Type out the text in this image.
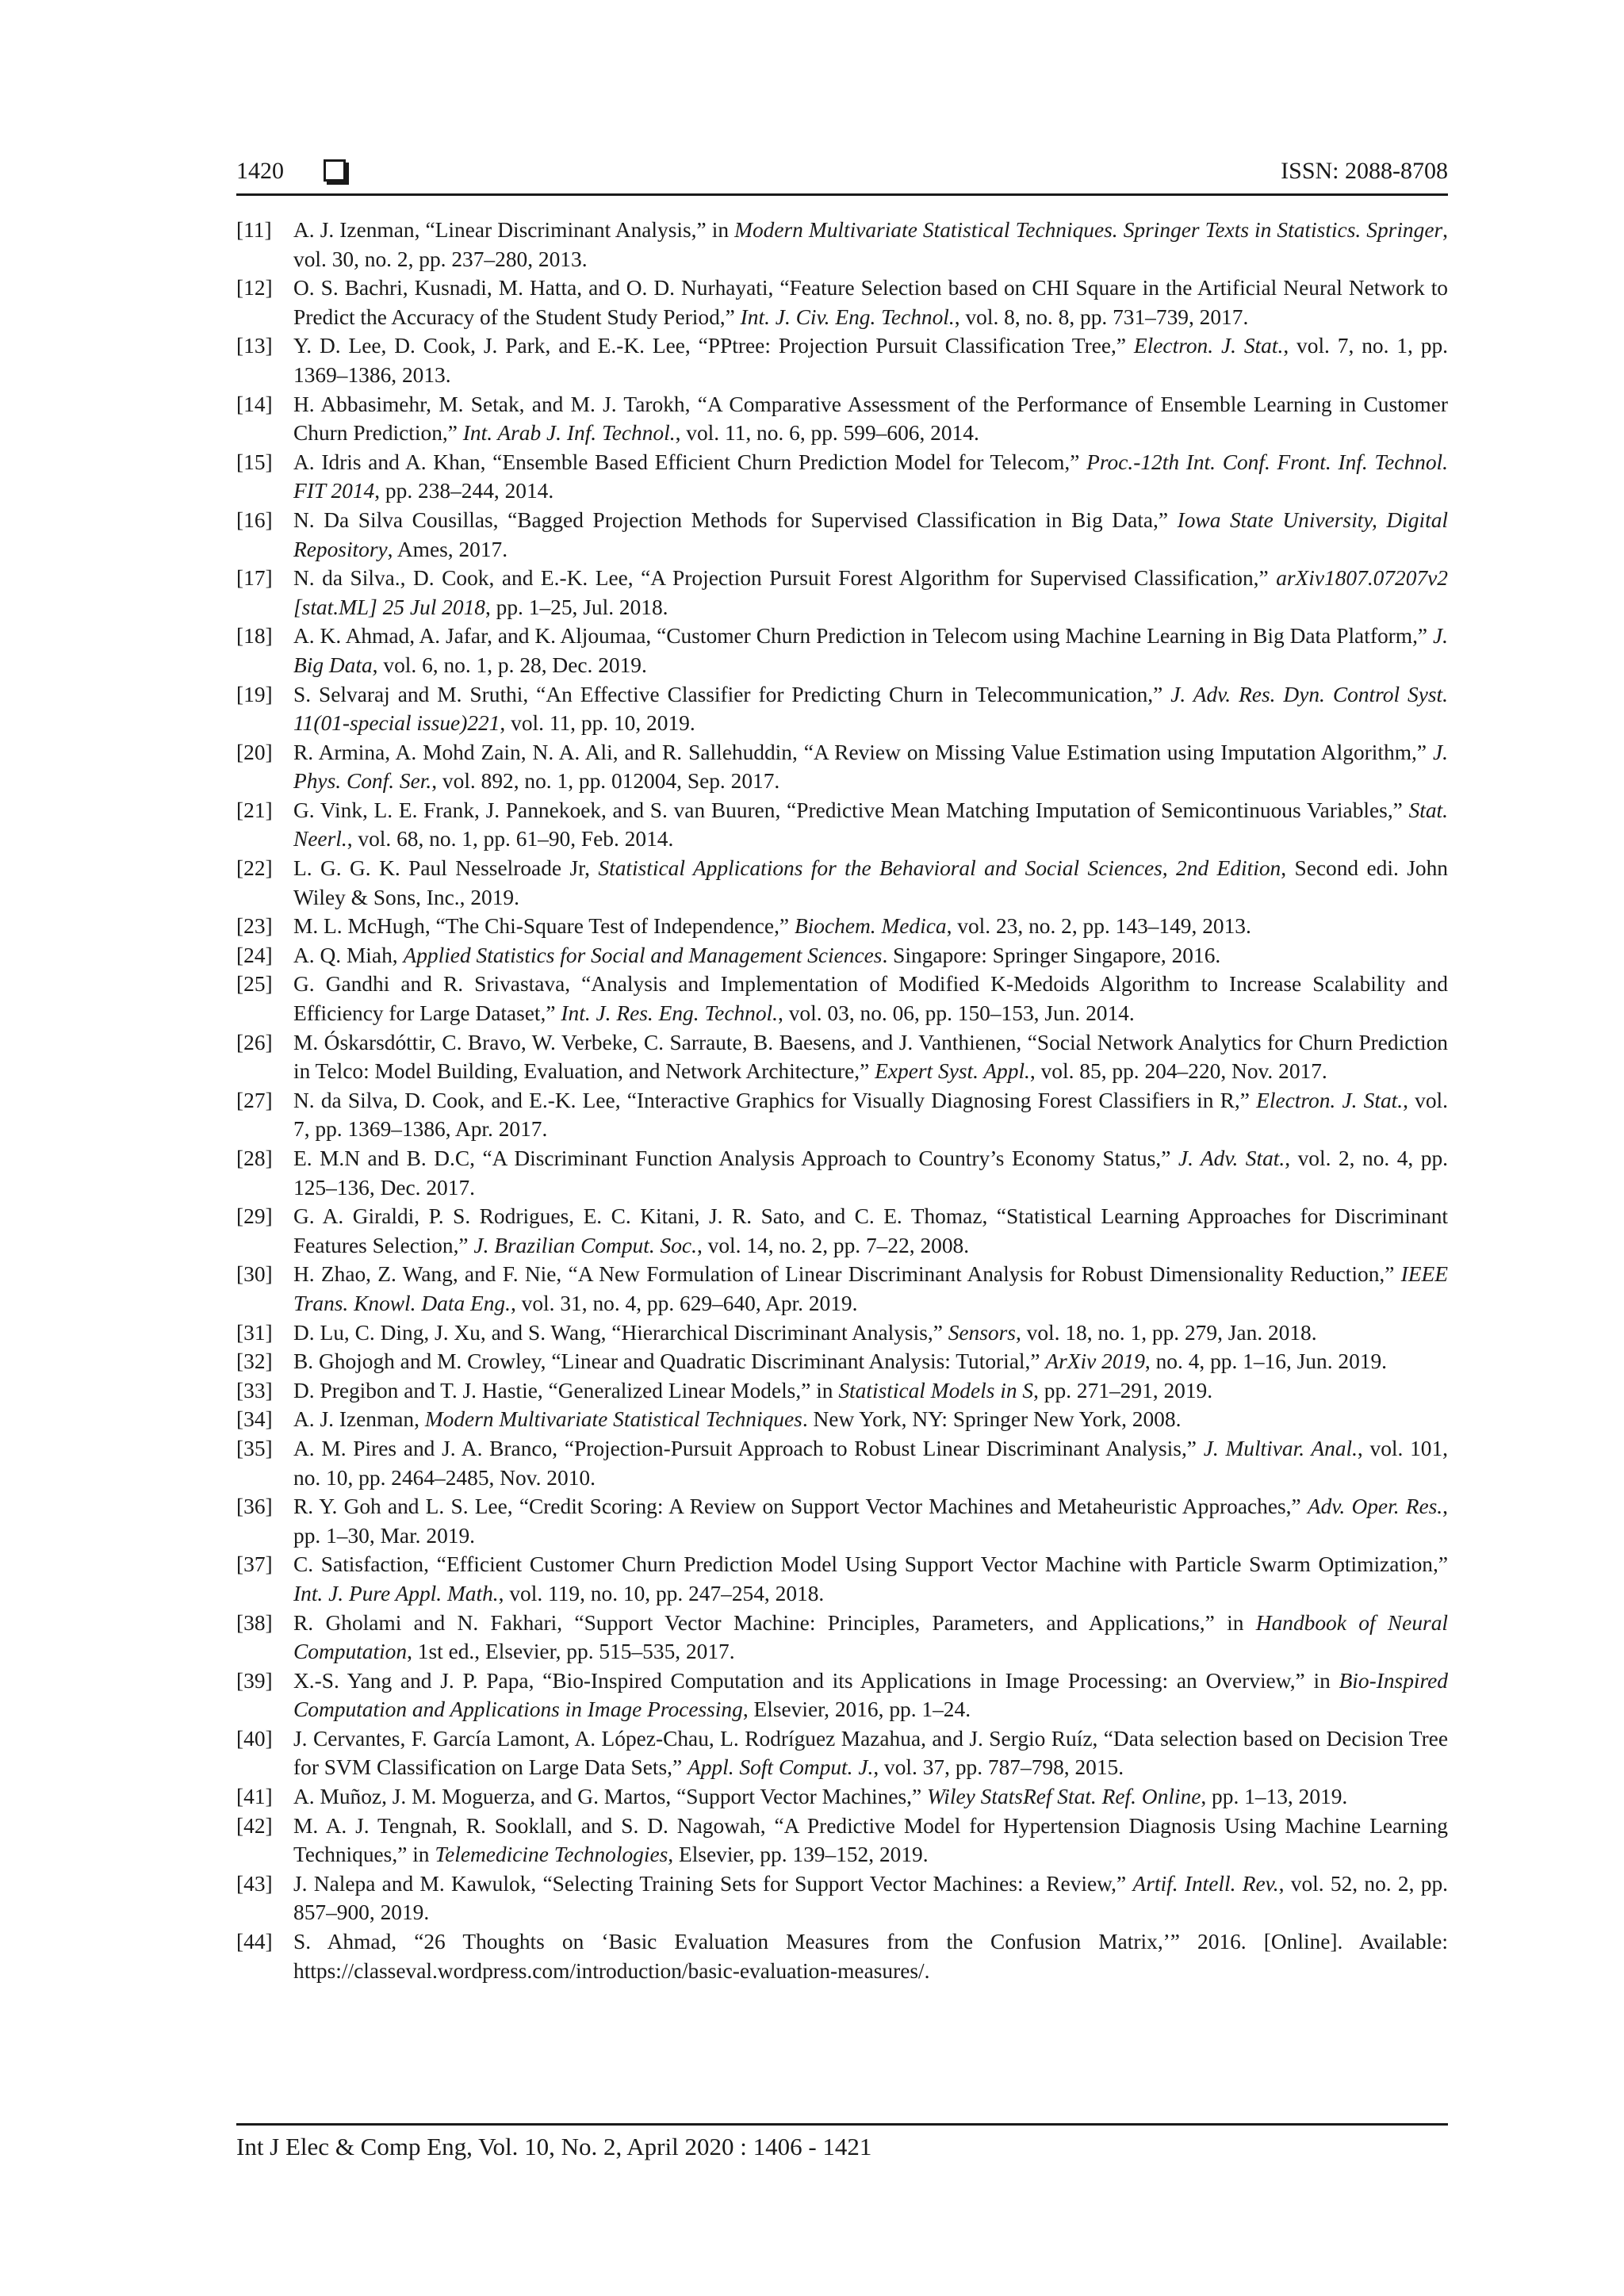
1420	ISSN: 2088-8708
[11] A. J. Izenman, “Linear Discriminant Analysis,” in Modern Multivariate Statistical Techniques. Springer Texts in Statistics. Springer, vol. 30, no. 2, pp. 237–280, 2013.
[12] O. S. Bachri, Kusnadi, M. Hatta, and O. D. Nurhayati, “Feature Selection based on CHI Square in the Artificial Neural Network to Predict the Accuracy of the Student Study Period,” Int. J. Civ. Eng. Technol., vol. 8, no. 8, pp. 731–739, 2017.
[13] Y. D. Lee, D. Cook, J. Park, and E.-K. Lee, “PPtree: Projection Pursuit Classification Tree,” Electron. J. Stat., vol. 7, no. 1, pp. 1369–1386, 2013.
[14] H. Abbasimehr, M. Setak, and M. J. Tarokh, “A Comparative Assessment of the Performance of Ensemble Learning in Customer Churn Prediction,” Int. Arab J. Inf. Technol., vol. 11, no. 6, pp. 599–606, 2014.
[15] A. Idris and A. Khan, “Ensemble Based Efficient Churn Prediction Model for Telecom,” Proc.-12th Int. Conf. Front. Inf. Technol. FIT 2014, pp. 238–244, 2014.
[16] N. Da Silva Cousillas, “Bagged Projection Methods for Supervised Classification in Big Data,” Iowa State University, Digital Repository, Ames, 2017.
[17] N. da Silva., D. Cook, and E.-K. Lee, “A Projection Pursuit Forest Algorithm for Supervised Classification,” arXiv1807.07207v2 [stat.ML] 25 Jul 2018, pp. 1–25, Jul. 2018.
[18] A. K. Ahmad, A. Jafar, and K. Aljoumaa, “Customer Churn Prediction in Telecom using Machine Learning in Big Data Platform,” J. Big Data, vol. 6, no. 1, p. 28, Dec. 2019.
[19] S. Selvaraj and M. Sruthi, “An Effective Classifier for Predicting Churn in Telecommunication,” J. Adv. Res. Dyn. Control Syst. 11(01-special issue)221, vol. 11, pp. 10, 2019.
[20] R. Armina, A. Mohd Zain, N. A. Ali, and R. Sallehuddin, “A Review on Missing Value Estimation using Imputation Algorithm,” J. Phys. Conf. Ser., vol. 892, no. 1, pp. 012004, Sep. 2017.
[21] G. Vink, L. E. Frank, J. Pannekoek, and S. van Buuren, “Predictive Mean Matching Imputation of Semicontinuous Variables,” Stat. Neerl., vol. 68, no. 1, pp. 61–90, Feb. 2014.
[22] L. G. G. K. Paul Nesselroade Jr, Statistical Applications for the Behavioral and Social Sciences, 2nd Edition, Second edi. John Wiley & Sons, Inc., 2019.
[23] M. L. McHugh, “The Chi-Square Test of Independence,” Biochem. Medica, vol. 23, no. 2, pp. 143–149, 2013.
[24] A. Q. Miah, Applied Statistics for Social and Management Sciences. Singapore: Springer Singapore, 2016.
[25] G. Gandhi and R. Srivastava, “Analysis and Implementation of Modified K-Medoids Algorithm to Increase Scalability and Efficiency for Large Dataset,” Int. J. Res. Eng. Technol., vol. 03, no. 06, pp. 150–153, Jun. 2014.
[26] M. Óskarsdóttir, C. Bravo, W. Verbeke, C. Sarraute, B. Baesens, and J. Vanthienen, “Social Network Analytics for Churn Prediction in Telco: Model Building, Evaluation, and Network Architecture,” Expert Syst. Appl., vol. 85, pp. 204–220, Nov. 2017.
[27] N. da Silva, D. Cook, and E.-K. Lee, “Interactive Graphics for Visually Diagnosing Forest Classifiers in R,” Electron. J. Stat., vol. 7, pp. 1369–1386, Apr. 2017.
[28] E. M.N and B. D.C, “A Discriminant Function Analysis Approach to Country’s Economy Status,” J. Adv. Stat., vol. 2, no. 4, pp. 125–136, Dec. 2017.
[29] G. A. Giraldi, P. S. Rodrigues, E. C. Kitani, J. R. Sato, and C. E. Thomaz, “Statistical Learning Approaches for Discriminant Features Selection,” J. Brazilian Comput. Soc., vol. 14, no. 2, pp. 7–22, 2008.
[30] H. Zhao, Z. Wang, and F. Nie, “A New Formulation of Linear Discriminant Analysis for Robust Dimensionality Reduction,” IEEE Trans. Knowl. Data Eng., vol. 31, no. 4, pp. 629–640, Apr. 2019.
[31] D. Lu, C. Ding, J. Xu, and S. Wang, “Hierarchical Discriminant Analysis,” Sensors, vol. 18, no. 1, pp. 279, Jan. 2018.
[32] B. Ghojogh and M. Crowley, “Linear and Quadratic Discriminant Analysis: Tutorial,” ArXiv 2019, no. 4, pp. 1–16, Jun. 2019.
[33] D. Pregibon and T. J. Hastie, “Generalized Linear Models,” in Statistical Models in S, pp. 271–291, 2019.
[34] A. J. Izenman, Modern Multivariate Statistical Techniques. New York, NY: Springer New York, 2008.
[35] A. M. Pires and J. A. Branco, “Projection-Pursuit Approach to Robust Linear Discriminant Analysis,” J. Multivar. Anal., vol. 101, no. 10, pp. 2464–2485, Nov. 2010.
[36] R. Y. Goh and L. S. Lee, “Credit Scoring: A Review on Support Vector Machines and Metaheuristic Approaches,” Adv. Oper. Res., pp. 1–30, Mar. 2019.
[37] C. Satisfaction, “Efficient Customer Churn Prediction Model Using Support Vector Machine with Particle Swarm Optimization,” Int. J. Pure Appl. Math., vol. 119, no. 10, pp. 247–254, 2018.
[38] R. Gholami and N. Fakhari, “Support Vector Machine: Principles, Parameters, and Applications,” in Handbook of Neural Computation, 1st ed., Elsevier, pp. 515–535, 2017.
[39] X.-S. Yang and J. P. Papa, “Bio-Inspired Computation and its Applications in Image Processing: an Overview,” in Bio-Inspired Computation and Applications in Image Processing, Elsevier, 2016, pp. 1–24.
[40] J. Cervantes, F. García Lamont, A. López-Chau, L. Rodríguez Mazahua, and J. Sergio Ruíz, “Data selection based on Decision Tree for SVM Classification on Large Data Sets,” Appl. Soft Comput. J., vol. 37, pp. 787–798, 2015.
[41] A. Muñoz, J. M. Moguerza, and G. Martos, “Support Vector Machines,” Wiley StatsRef Stat. Ref. Online, pp. 1–13, 2019.
[42] M. A. J. Tengnah, R. Sooklall, and S. D. Nagowah, “A Predictive Model for Hypertension Diagnosis Using Machine Learning Techniques,” in Telemedicine Technologies, Elsevier, pp. 139–152, 2019.
[43] J. Nalepa and M. Kawulok, “Selecting Training Sets for Support Vector Machines: a Review,” Artif. Intell. Rev., vol. 52, no. 2, pp. 857–900, 2019.
[44] S. Ahmad, “26 Thoughts on ‘Basic Evaluation Measures from the Confusion Matrix,’” 2016. [Online]. Available: https://classeval.wordpress.com/introduction/basic-evaluation-measures/.
Int J Elec & Comp Eng, Vol. 10, No. 2, April 2020 : 1406 - 1421
